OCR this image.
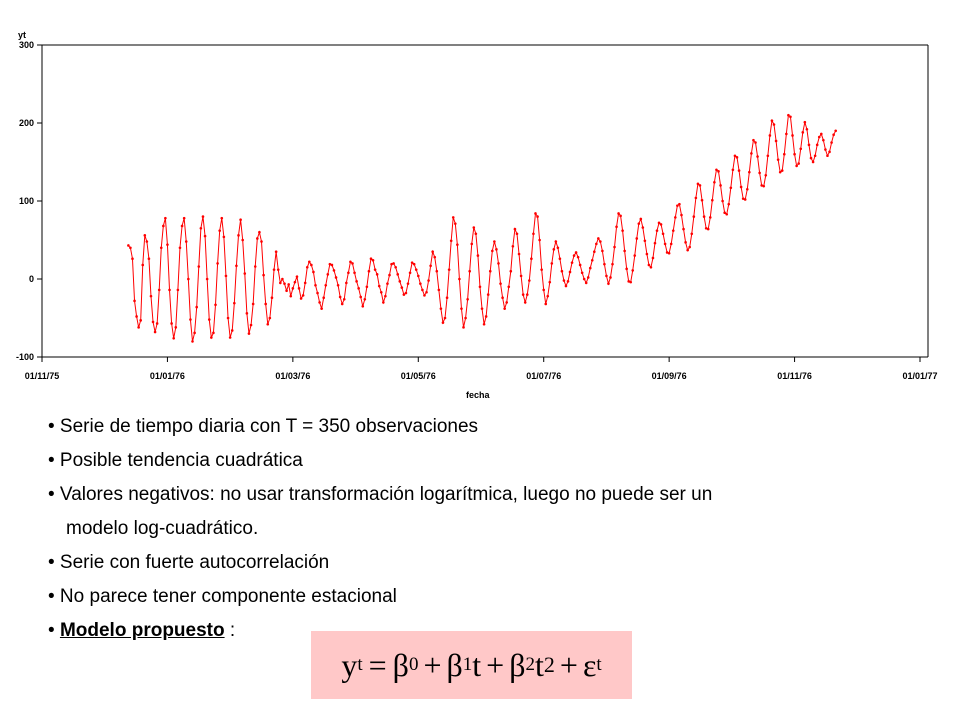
-100
0
100
200
300
01/11/75	01/01/76	01/03/76	01/05/76	01/07/76	01/09/76	01/11/76	01/01/77
yt
fecha
• Serie de tiempo diaria con T = 350 observaciones
• Posible tendencia cuadrática
• Valores negativos: no usar transformación logarítmica, luego no puede ser un
modelo log-cuadrático.
• Serie con fuerte autocorrelación
• No parece tener componente estacional
• Modelo propuesto :
y t = β 0 + β 1 t + β 2 t 2 + ε t
